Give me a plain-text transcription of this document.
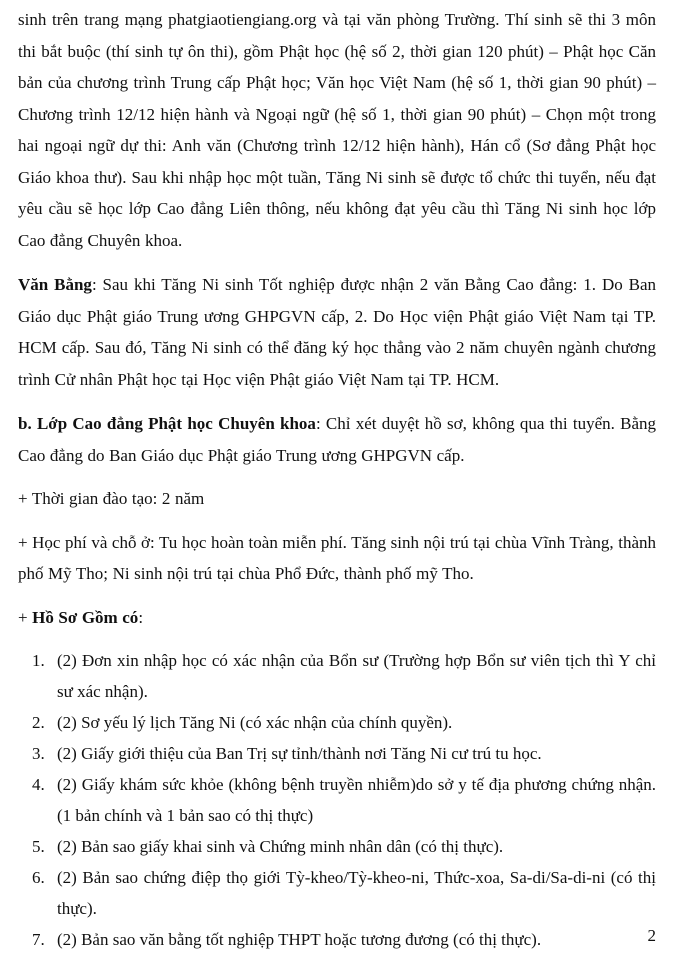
sinh trên trang mạng phatgiaotiengiang.org và tại văn phòng Trường. Thí sinh sẽ thi 3 môn thi bắt buộc (thí sinh tự ôn thi), gồm Phật học (hệ số 2, thời gian 120 phút) – Phật học Căn bản của chương trình Trung cấp Phật học; Văn học Việt Nam (hệ số 1, thời gian 90 phút) – Chương trình 12/12 hiện hành và Ngoại ngữ (hệ số 1, thời gian 90 phút) – Chọn một trong hai ngoại ngữ dự thi: Anh văn (Chương trình 12/12 hiện hành), Hán cổ (Sơ đẳng Phật học Giáo khoa thư). Sau khi nhập học một tuần, Tăng Ni sinh sẽ được tổ chức thi tuyển, nếu đạt yêu cầu sẽ học lớp Cao đẳng Liên thông, nếu không đạt yêu cầu thì Tăng Ni sinh học lớp Cao đẳng Chuyên khoa.

Văn Bằng: Sau khi Tăng Ni sinh Tốt nghiệp được nhận 2 văn Bằng Cao đẳng: 1. Do Ban Giáo dục Phật giáo Trung ương GHPGVN cấp, 2. Do Học viện Phật giáo Việt Nam tại TP. HCM cấp. Sau đó, Tăng Ni sinh có thể đăng ký học thẳng vào 2 năm chuyên ngành chương trình Cử nhân Phật học tại Học viện Phật giáo Việt Nam tại TP. HCM.

b. Lớp Cao đẳng Phật học Chuyên khoa: Chỉ xét duyệt hồ sơ, không qua thi tuyển. Bằng Cao đẳng do Ban Giáo dục Phật giáo Trung ương GHPGVN cấp.

+ Thời gian đào tạo: 2 năm

+ Học phí và chỗ ở: Tu học hoàn toàn miễn phí. Tăng sinh nội trú tại chùa Vĩnh Tràng, thành phố Mỹ Tho; Ni sinh nội trú tại chùa Phổ Đức, thành phố mỹ Tho.

+ Hồ Sơ Gồm có:

1. (2) Đơn xin nhập học có xác nhận của Bổn sư (Trường hợp Bổn sư viên tịch thì Y chỉ sư xác nhận).
2. (2) Sơ yếu lý lịch Tăng Ni (có xác nhận của chính quyền).
3. (2) Giấy giới thiệu của Ban Trị sự tỉnh/thành nơi Tăng Ni cư trú tu học.
4. (2) Giấy khám sức khỏe (không bệnh truyền nhiễm)do sở y tế địa phương chứng nhận. (1 bản chính và 1 bản sao có thị thực)
5. (2) Bản sao giấy khai sinh và Chứng minh nhân dân (có thị thực).
6. (2) Bản sao chứng điệp thọ giới Tỳ-kheo/Tỳ-kheo-ni, Thức-xoa, Sa-di/Sa-di-ni (có thị thực).
7. (2) Bản sao văn bằng tốt nghiệp THPT hoặc tương đương (có thị thực).	2
